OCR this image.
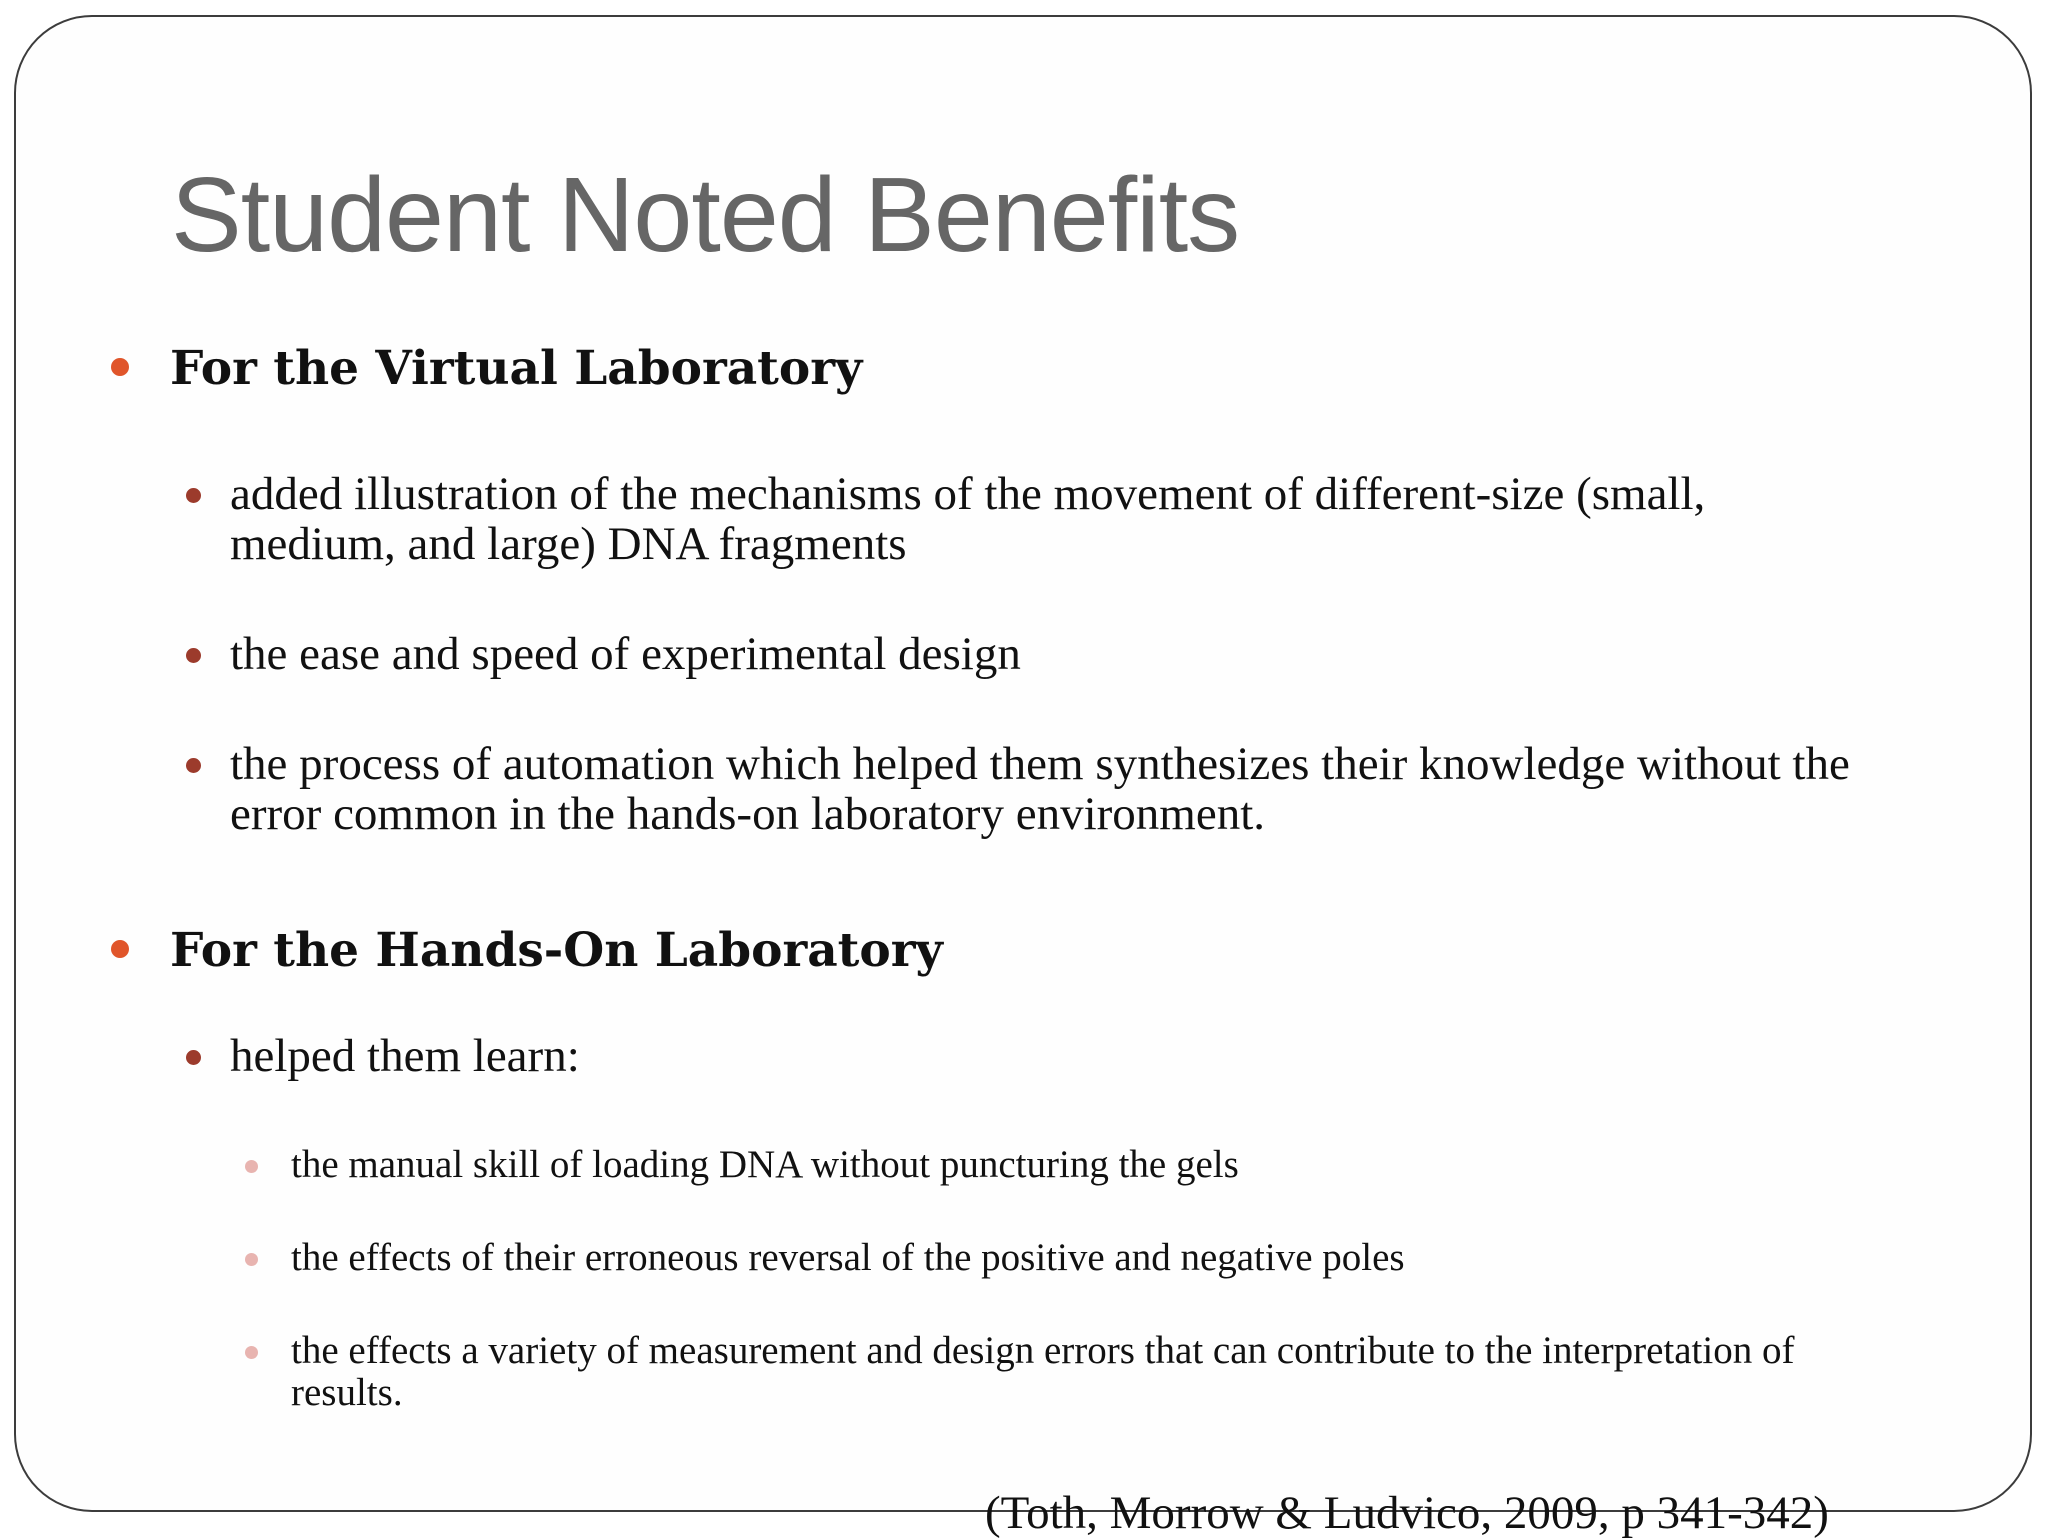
Student Noted Benefits
For the Virtual Laboratory
added illustration of the mechanisms of the movement of different-size (small,
medium, and large) DNA fragments
the ease and speed of experimental design
the process of automation which helped them synthesizes their knowledge without the
error common in the hands-on laboratory environment.
For the Hands-On Laboratory
helped them learn:
the manual skill of loading DNA without puncturing the gels
the effects of their erroneous reversal of the positive and negative poles
the effects a variety of measurement and design errors that can contribute to the interpretation of
results.
(Toth, Morrow & Ludvico, 2009, p 341-342)
